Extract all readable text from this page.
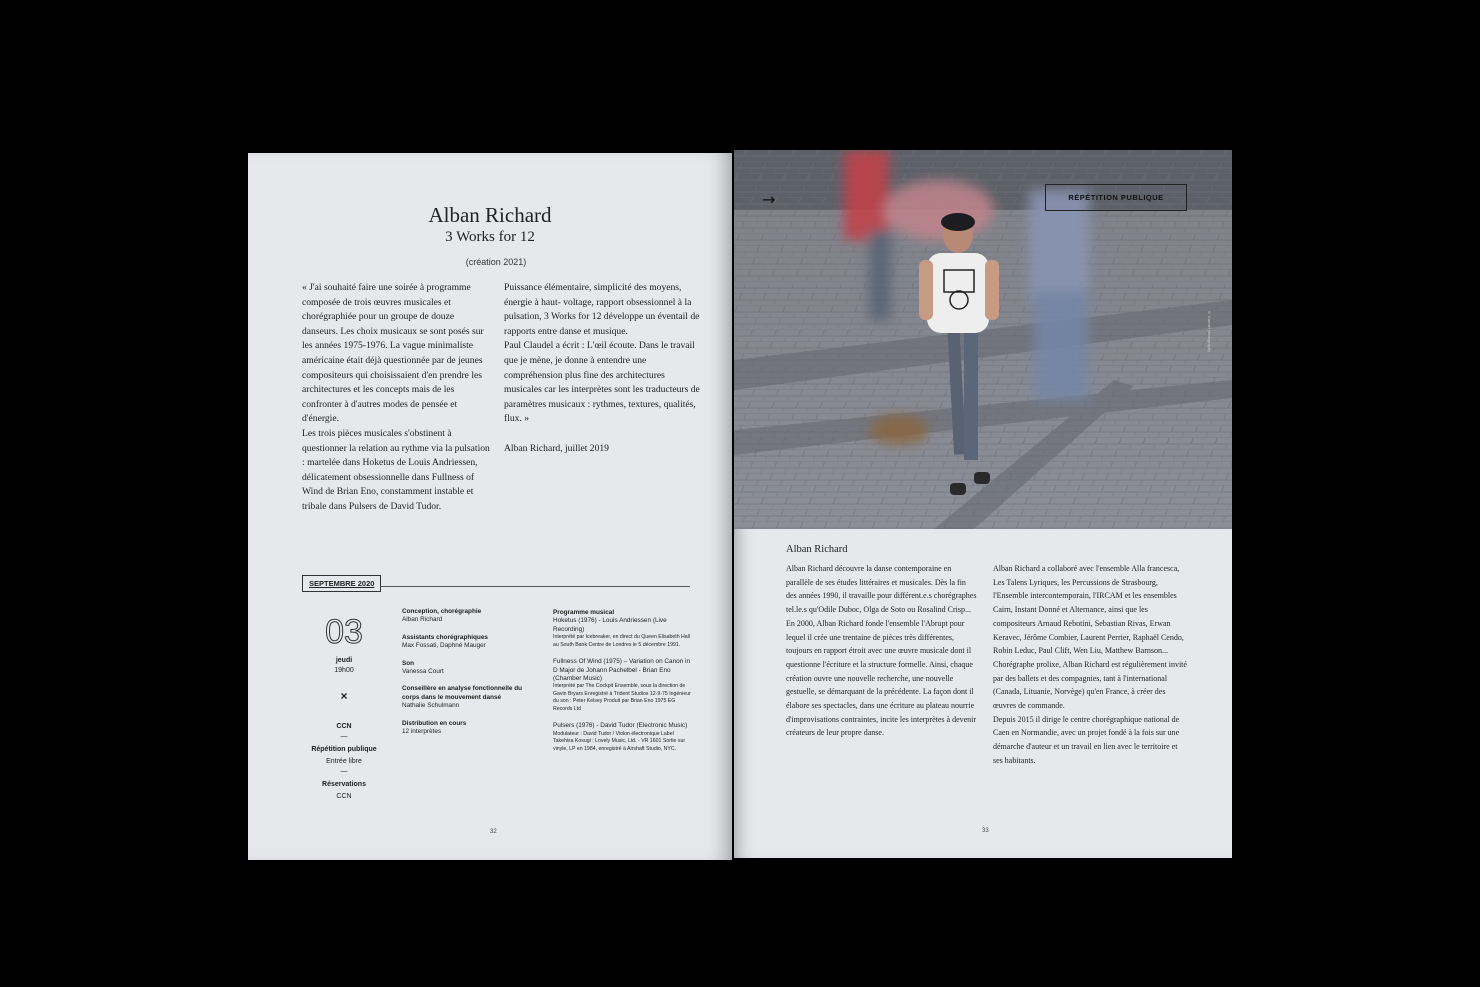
Alban Richard
3 Works for 12
(création 2021)

« J'ai souhaité faire une soirée à programme composée de trois œuvres musicales et chorégraphiée pour un groupe de douze danseurs. Les choix musicaux se sont posés sur les années 1975-1976. La vague minimaliste américaine était déjà questionnée par de jeunes compositeurs qui choisissaient d'en prendre les architectures et les concepts mais de les confronter à d'autres modes de pensée et d'énergie.

Les trois pièces musicales s'obstinent à questionner la relation au rythme via la pulsation : martelée dans Hoketus de Louis Andriessen, délicatement obsessionnelle dans Fullness of Wind de Brian Eno, constamment instable et tribale dans Pulsers de David Tudor.

Puissance élémentaire, simplicité des moyens, énergie à haut- voltage, rapport obsessionnel à la pulsation, 3 Works for 12 développe un éventail de rapports entre danse et musique.

Paul Claudel a écrit : L'œil écoute. Dans le travail que je mène, je donne à entendre une compréhension plus fine des architectures musicales car les interprètes sont les traducteurs de paramètres musicaux : rythmes, textures, qualités, flux. »

Alban Richard, juillet 2019

SEPTEMBRE 2020
03
jeudi
19h00
×
CCN
—
Répétition publique
Entrée libre
—
Réservations
CCN
Conception, chorégraphie
Alban Richard
Assistants chorégraphiques
Max Fossati, Daphné Mauger
Son
Vanessa Court
Conseillère en analyse fonctionnelle du corps dans le mouvement dansé
Nathalie Schulmann
Distribution en cours
12 interprètes
Programme musical
Hoketus (1976) - Louis Andriessen (Live Recording)
Interprété par Icebreaker, en direct du Queen Elisabeth Hall au South Bank Centre de Londres le 5 décembre 1991.
Fullness Of Wind (1975) – Variation on Canon in D Major de Johann Pachelbel - Brian Eno (Chamber Music)
Interprété par The Cockpit Ensemble, sous la direction de Gavin Bryars Enregistré à Trident Studios 12-9-75 Ingénieur du son : Peter Kelsey Produit par Brian Eno 1975 EG Records Ltd
Pulsers (1976) - David Tudor (Electronic Music)
Modulateur : David Tudor / Violon électronique Label Takehisa Kosugi : Lovely Music, Ltd. - VR 1601 Sortie sur vinyle, LP en 1984, enregistré à Airshaft Studio, NYC.
32
→	RÉPÉTITION PUBLIQUE
© Karmel photography
Alban Richard

Alban Richard découvre la danse contemporaine en parallèle de ses études littéraires et musicales. Dès la fin des années 1990, il travaille pour différent.e.s chorégraphes tel.le.s qu'Odile Duboc, Olga de Soto ou Rosalind Crisp...

En 2000, Alban Richard fonde l'ensemble l'Abrupt pour lequel il crée une trentaine de pièces très différentes, toujours en rapport étroit avec une œuvre musicale dont il questionne l'écriture et la structure formelle. Ainsi, chaque création ouvre une nouvelle recherche, une nouvelle gestuelle, se démarquant de la précédente. La façon dont il élabore ses spectacles, dans une écriture au plateau nourrie d'improvisations contraintes, incite les interprètes à devenir créateurs de leur propre danse.

Alban Richard a collaboré avec l'ensemble Alla francesca, Les Talens Lyriques, les Percussions de Strasbourg, l'Ensemble intercontemporain, l'IRCAM et les ensembles Cairn, Instant Donné et Alternance, ainsi que les compositeurs Arnaud Rebotini, Sebastian Rivas, Erwan Keravec, Jérôme Combier, Laurent Perrier, Raphaël Cendo, Robin Leduc, Paul Clift, Wen Liu, Matthew Barnson...

Chorégraphe prolixe, Alban Richard est régulièrement invité par des ballets et des compagnies, tant à l'international (Canada, Lituanie, Norvège) qu'en France, à créer des œuvres de commande.

Depuis 2015 il dirige le centre chorégraphique national de Caen en Normandie, avec un projet fondé à la fois sur une démarche d'auteur et un travail en lien avec le territoire et ses habitants.

33
